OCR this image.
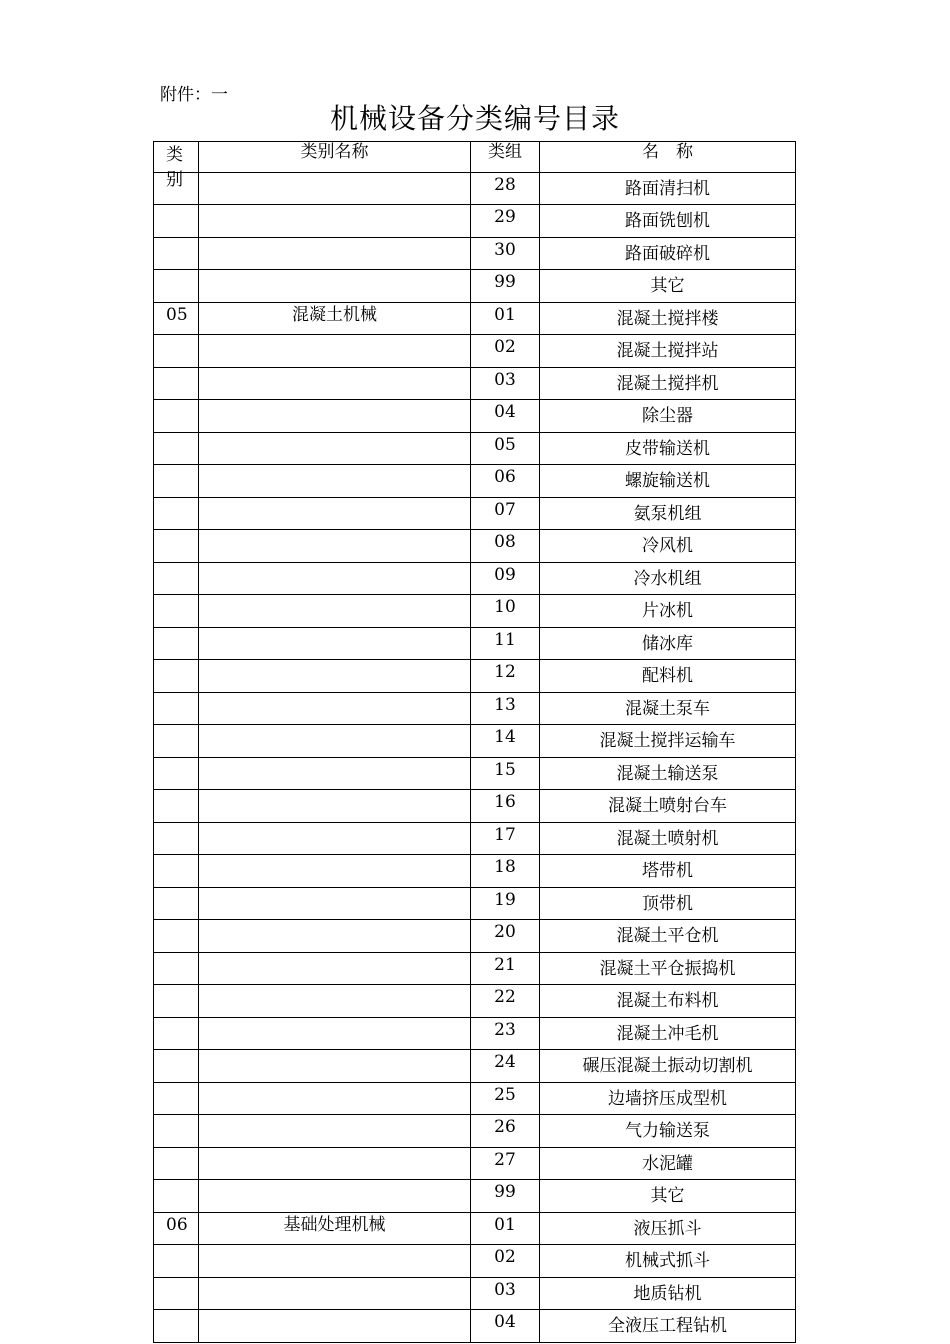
附件：一
机械设备分类编号目录
类别	类别名称	类组	名　称
		28	路面清扫机
		29	路面铣刨机
		30	路面破碎机
		99	其它
05	混凝土机械	01	混凝土搅拌楼
		02	混凝土搅拌站
		03	混凝土搅拌机
		04	除尘器
		05	皮带输送机
		06	螺旋输送机
		07	氨泵机组
		08	冷风机
		09	冷水机组
		10	片冰机
		11	储冰库
		12	配料机
		13	混凝土泵车
		14	混凝土搅拌运输车
		15	混凝土输送泵
		16	混凝土喷射台车
		17	混凝土喷射机
		18	塔带机
		19	顶带机
		20	混凝土平仓机
		21	混凝土平仓振捣机
		22	混凝土布料机
		23	混凝土冲毛机
		24	碾压混凝土振动切割机
		25	边墙挤压成型机
		26	气力输送泵
		27	水泥罐
		99	其它
06	基础处理机械	01	液压抓斗
		02	机械式抓斗
		03	地质钻机
		04	全液压工程钻机
